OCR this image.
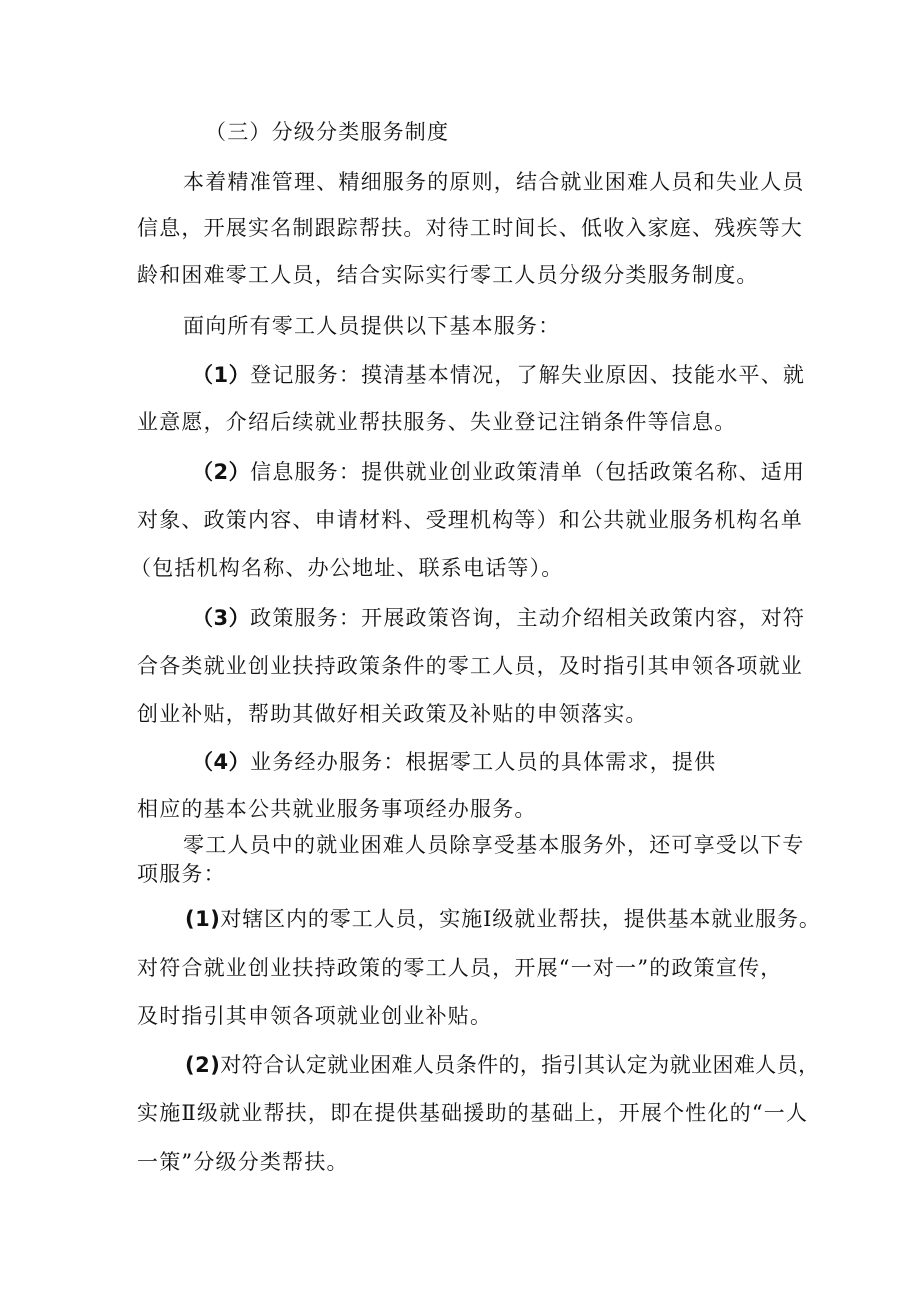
（三）分级分类服务制度
本着精准管理、精细服务的原则，结合就业困难人员和失业人员
信息，开展实名制跟踪帮扶。对待工时间长、低收入家庭、残疾等大
龄和困难零工人员，结合实际实行零工人员分级分类服务制度。
面向所有零工人员提供以下基本服务：
（1）登记服务：摸清基本情况，了解失业原因、技能水平、就
业意愿，介绍后续就业帮扶服务、失业登记注销条件等信息。
（2）信息服务：提供就业创业政策清单（包括政策名称、适用
对象、政策内容、申请材料、受理机构等）和公共就业服务机构名单
（包括机构名称、办公地址、联系电话等）。
（3）政策服务：开展政策咨询，主动介绍相关政策内容，对符
合各类就业创业扶持政策条件的零工人员，及时指引其申领各项就业
创业补贴，帮助其做好相关政策及补贴的申领落实。
（4）业务经办服务：根据零工人员的具体需求，提供
相应的基本公共就业服务事项经办服务。
零工人员中的就业困难人员除享受基本服务外，还可享受以下专
项服务：
(1)对辖区内的零工人员，实施Ⅰ级就业帮扶，提供基本就业服务。
对符合就业创业扶持政策的零工人员，开展“一对一”的政策宣传，
及时指引其申领各项就业创业补贴。
(2)对符合认定就业困难人员条件的，指引其认定为就业困难人员，
实施Ⅱ级就业帮扶，即在提供基础援助的基础上，开展个性化的“一人
一策”分级分类帮扶。
